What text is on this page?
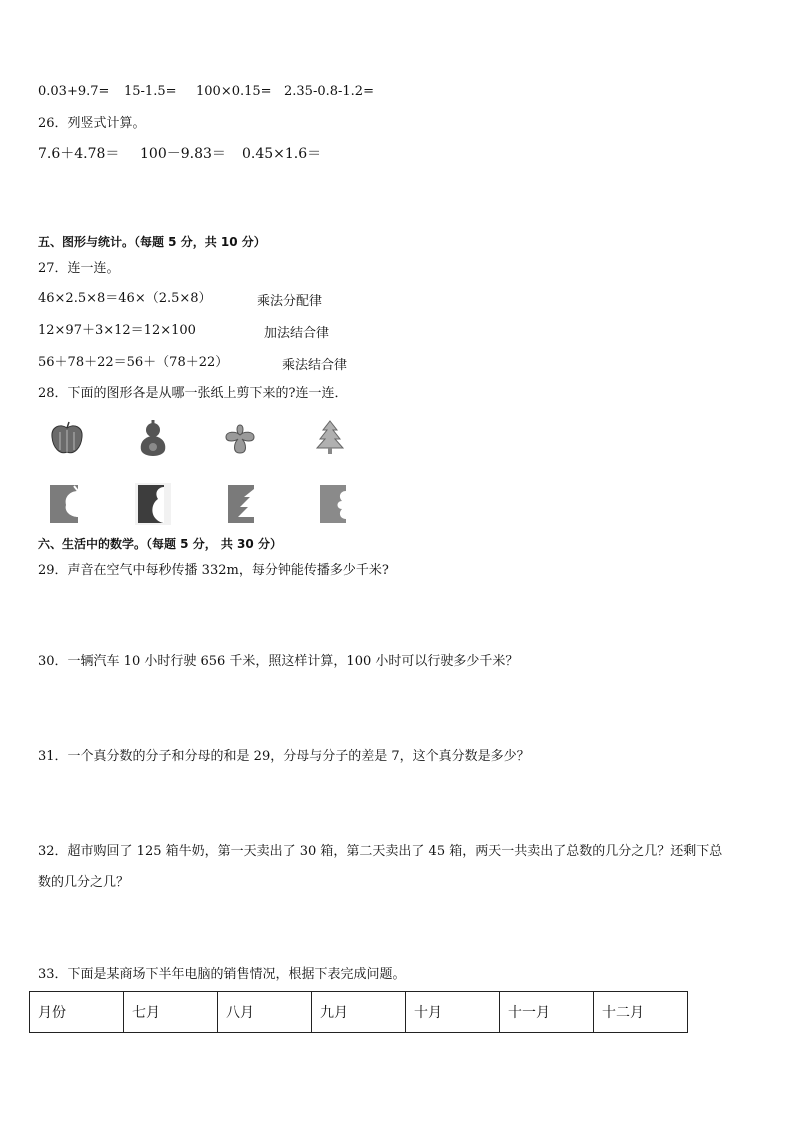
0.03+9.7= 15-1.5= 100×0.15= 2.35-0.8-1.2=
26．列竖式计算。
7.6＋4.78＝ 100－9.83＝ 0.45×1.6＝
五、图形与统计。（每题 5 分，共 10 分）
27．连一连。
46×2.5×8＝46×（2.5×8）	乘法分配律
12×97＋3×12＝12×100	加法结合律
56＋78＋22＝56＋（78＋22）	乘法结合律
28．下面的图形各是从哪一张纸上剪下来的?连一连．
六、生活中的数学。（每题 5 分， 共 30 分）
29．声音在空气中每秒传播 332m，每分钟能传播多少千米?
30．一辆汽车 10 小时行驶 656 千米，照这样计算，100 小时可以行驶多少千米？
31．一个真分数的分子和分母的和是 29，分母与分子的差是 7，这个真分数是多少？
32．超市购回了 125 箱牛奶，第一天卖出了 30 箱，第二天卖出了 45 箱，两天一共卖出了总数的几分之几？还剩下总
数的几分之几？
33．下面是某商场下半年电脑的销售情况，根据下表完成问题。
月份	七月	八月	九月	十月	十一月	十二月
